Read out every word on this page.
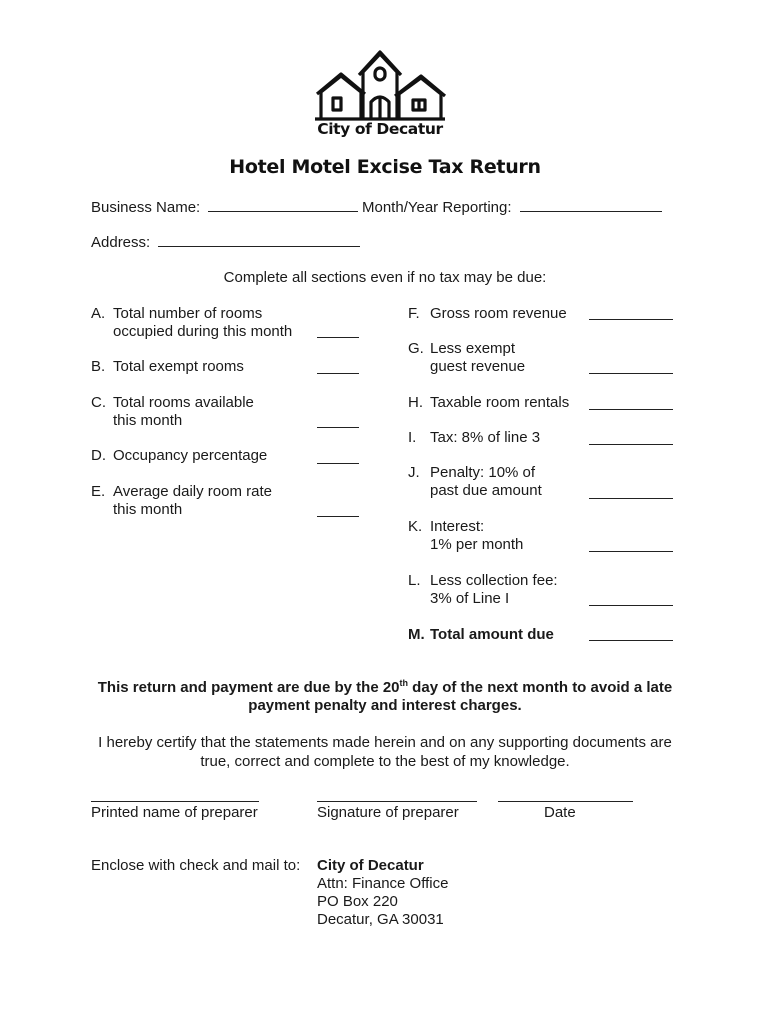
City of Decatur
Hotel Motel Excise Tax Return
Business Name:	Month/Year Reporting:
Address:
Complete all sections even if no tax may be due:
A. Total number of rooms
occupied during this month
B. Total exempt rooms
C. Total rooms available
this month
D. Occupancy percentage
E. Average daily room rate
this month
F. Gross room revenue
G. Less exempt
guest revenue
H. Taxable room rentals
I. Tax: 8% of line 3
J. Penalty: 10% of
past due amount
K. Interest:
1% per month
L. Less collection fee:
3% of Line I
M. Total amount due
This return and payment are due by the 20th day of the next month to avoid a late
payment penalty and interest charges.
I hereby certify that the statements made herein and on any supporting documents are
true, correct and complete to the best of my knowledge.
Printed name of preparer	Signature of preparer	Date
Enclose with check and mail to: City of Decatur
Attn: Finance Office
PO Box 220
Decatur, GA 30031
